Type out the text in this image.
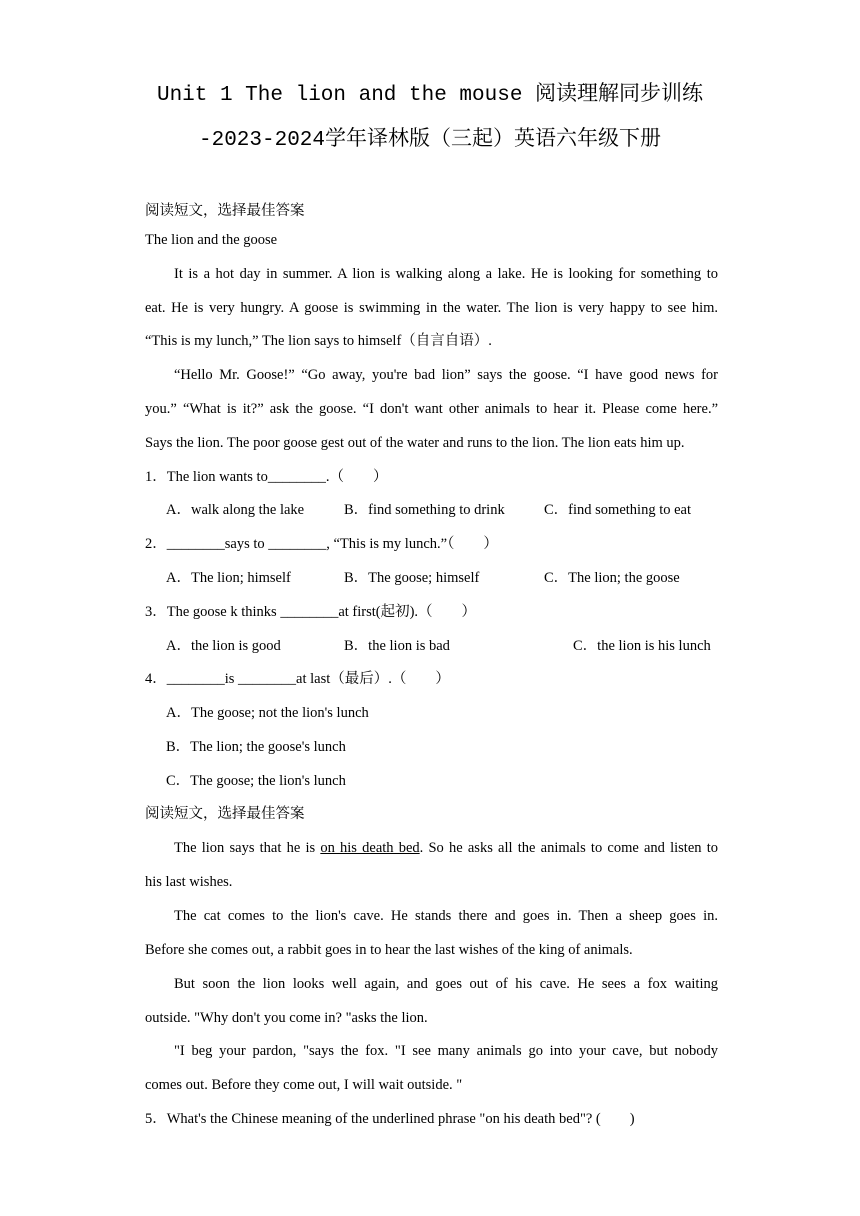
Unit 1 The lion and the mouse 阅读理解同步训练
-2023-2024学年译林版（三起）英语六年级下册
阅读短文，选择最佳答案
The lion and the goose
It is a hot day in summer. A lion is walking along a lake. He is looking for something to
eat. He is very hungry. A goose is swimming in the water. The lion is very happy to see him.
“This is my lunch,” The lion says to himself（自言自语）.
“Hello Mr. Goose!” “Go away, you're bad lion” says the goose. “I have good news for
you.” “What is it?” ask the goose. “I don't want other animals to hear it. Please come here.”
Says the lion. The poor goose gest out of the water and runs to the lion. The lion eats him up.
1．The lion wants to________.（　　）
A．walk along the lake	B．find something to drink	C．find something to eat
2．________says to ________, “This is my lunch.”（　　）
A．The lion; himself	B．The goose; himself	C．The lion; the goose
3．The goose k thinks ________at first(起初).（　　）
A．the lion is good	B．the lion is bad	C．the lion is his lunch
4．________is ________at last（最后）.（　　）
A．The goose; not the lion's lunch
B．The lion; the goose's lunch
C．The goose; the lion's lunch
阅读短文，选择最佳答案
The lion says that he is on his death bed. So he asks all the animals to come and listen to
his last wishes.
The cat comes to the lion's cave. He stands there and goes in. Then a sheep goes in.
Before she comes out, a rabbit goes in to hear the last wishes of the king of animals.
But soon the lion looks well again, and goes out of his cave. He sees a fox waiting
outside. "Why don't you come in? "asks the lion.
"I beg your pardon, "says the fox. "I see many animals go into your cave, but nobody
comes out. Before they come out, I will wait outside. "
5．What's the Chinese meaning of the underlined phrase "on his death bed"? (　　)
